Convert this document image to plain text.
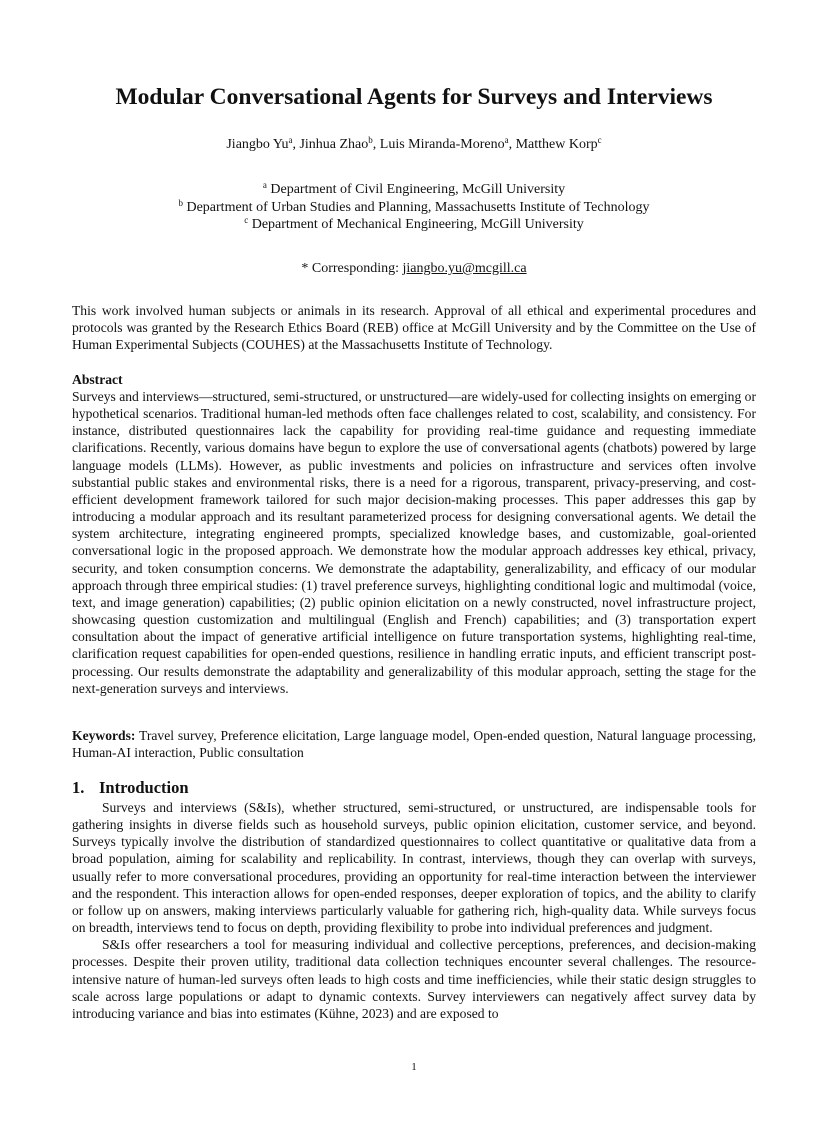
Modular Conversational Agents for Surveys and Interviews
Jiangbo Yu$^a$, Jinhua Zhao$^b$, Luis Miranda-Moreno$^a$, Matthew Korp$^c$
$^a$ Department of Civil Engineering, McGill University
$^b$ Department of Urban Studies and Planning, Massachusetts Institute of Technology
$^c$ Department of Mechanical Engineering, McGill University
* Corresponding: jiangbo.yu@mcgill.ca
This work involved human subjects or animals in its research. Approval of all ethical and experimental procedures and protocols was granted by the Research Ethics Board (REB) office at McGill University and by the Committee on the Use of Human Experimental Subjects (COUHES) at the Massachusetts Institute of Technology.
Abstract
Surveys and interviews—structured, semi-structured, or unstructured—are widely-used for collecting insights on emerging or hypothetical scenarios. Traditional human-led methods often face challenges related to cost, scalability, and consistency. For instance, distributed questionnaires lack the capability for providing real-time guidance and requesting immediate clarifications. Recently, various domains have begun to explore the use of conversational agents (chatbots) powered by large language models (LLMs). However, as public investments and policies on infrastructure and services often involve substantial public stakes and environmental risks, there is a need for a rigorous, transparent, privacy-preserving, and cost-efficient development framework tailored for such major decision-making processes. This paper addresses this gap by introducing a modular approach and its resultant parameterized process for designing conversational agents. We detail the system architecture, integrating engineered prompts, specialized knowledge bases, and customizable, goal-oriented conversational logic in the proposed approach. We demonstrate how the modular approach addresses key ethical, privacy, security, and token consumption concerns. We demonstrate the adaptability, generalizability, and efficacy of our modular approach through three empirical studies: (1) travel preference surveys, highlighting conditional logic and multimodal (voice, text, and image generation) capabilities; (2) public opinion elicitation on a newly constructed, novel infrastructure project, showcasing question customization and multilingual (English and French) capabilities; and (3) transportation expert consultation about the impact of generative artificial intelligence on future transportation systems, highlighting real-time, clarification request capabilities for open-ended questions, resilience in handling erratic inputs, and efficient transcript post-processing. Our results demonstrate the adaptability and generalizability of this modular approach, setting the stage for the next-generation surveys and interviews.
Keywords: Travel survey, Preference elicitation, Large language model, Open-ended question, Natural language processing, Human-AI interaction, Public consultation
1. Introduction

Surveys and interviews (S&Is), whether structured, semi-structured, or unstructured, are indispensable tools for gathering insights in diverse fields such as household surveys, public opinion elicitation, customer service, and beyond. Surveys typically involve the distribution of standardized questionnaires to collect quantitative or qualitative data from a broad population, aiming for scalability and replicability. In contrast, interviews, though they can overlap with surveys, usually refer to more conversational procedures, providing an opportunity for real-time interaction between the interviewer and the respondent. This interaction allows for open-ended responses, deeper exploration of topics, and the ability to clarify or follow up on answers, making interviews particularly valuable for gathering rich, high-quality data. While surveys focus on breadth, interviews tend to focus on depth, providing flexibility to probe into individual preferences and judgment.

S&Is offer researchers a tool for measuring individual and collective perceptions, preferences, and decision-making processes. Despite their proven utility, traditional data collection techniques encounter several challenges. The resource-intensive nature of human-led surveys often leads to high costs and time inefficiencies, while their static design struggles to scale across large populations or adapt to dynamic contexts. Survey interviewers can negatively affect survey data by introducing variance and bias into estimates (Kühne, 2023) and are exposed to

1
